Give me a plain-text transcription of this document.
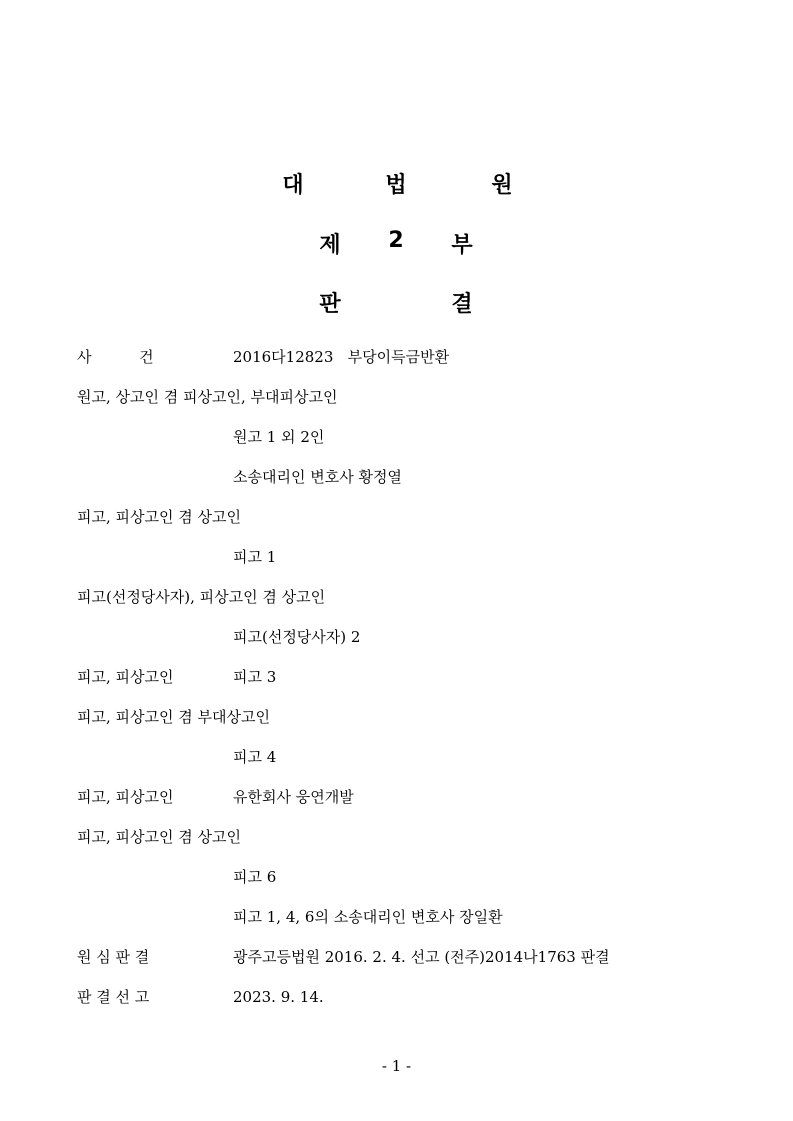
대	법	원
제 2 부
판	결
사          건	2016다12823   부당이득금반환
원고, 상고인 겸 피상고인, 부대피상고인
원고 1 외 2인
소송대리인 변호사 황정열
피고, 피상고인 겸 상고인
피고 1
피고(선정당사자), 피상고인 겸 상고인
피고(선정당사자) 2
피고, 피상고인	피고 3
피고, 피상고인 겸 부대상고인
피고 4
피고, 피상고인	유한회사 웅연개발
피고, 피상고인 겸 상고인
피고 6
피고 1, 4, 6의 소송대리인 변호사 장일환
원 심 판 결	광주고등법원 2016. 2. 4. 선고 (전주)2014나1763 판결
판 결 선 고	2023. 9. 14.
- 1 -
